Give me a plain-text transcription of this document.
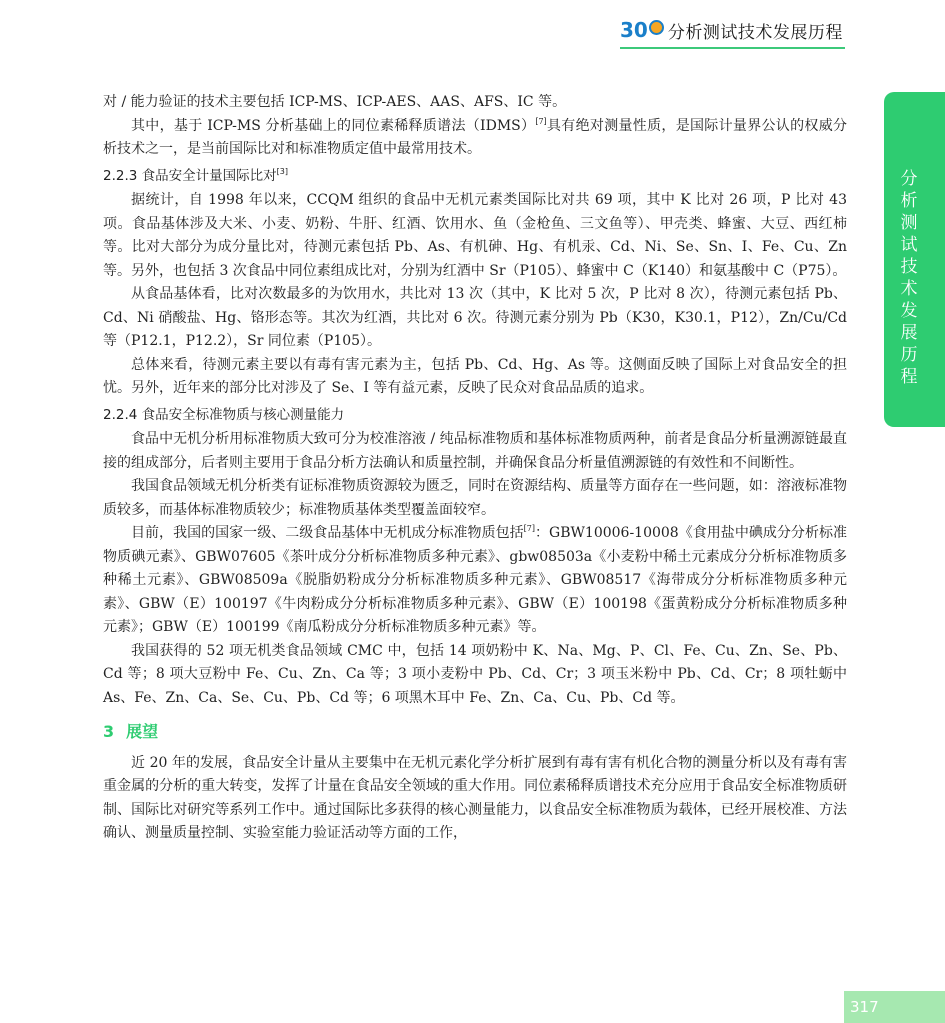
30 分析测试技术发展历程
分析测试技术发展历程

对 / 能力验证的技术主要包括 ICP-MS、ICP-AES、AAS、AFS、IC 等。

其中，基于 ICP-MS 分析基础上的同位素稀释质谱法（IDMS）[7]具有绝对测量性质，是国际计量界公认的权威分析技术之一，是当前国际比对和标准物质定值中最常用技术。

2.2.3 食品安全计量国际比对[3]

据统计，自 1998 年以来，CCQM 组织的食品中无机元素类国际比对共 69 项，其中 K 比对 26 项，P 比对 43 项。食品基体涉及大米、小麦、奶粉、牛肝、红酒、饮用水、鱼（金枪鱼、三文鱼等）、甲壳类、蜂蜜、大豆、西红柿等。比对大部分为成分量比对，待测元素包括 Pb、As、有机砷、Hg、有机汞、Cd、Ni、Se、Sn、I、Fe、Cu、Zn 等。另外，也包括 3 次食品中同位素组成比对，分别为红酒中 Sr（P105）、蜂蜜中 C（K140）和氨基酸中 C（P75）。

从食品基体看，比对次数最多的为饮用水，共比对 13 次（其中，K 比对 5 次，P 比对 8 次），待测元素包括 Pb、Cd、Ni 硝酸盐、Hg、铬形态等。其次为红酒，共比对 6 次。待测元素分别为 Pb（K30，K30.1，P12），Zn/Cu/Cd 等（P12.1，P12.2），Sr 同位素（P105）。

总体来看，待测元素主要以有毒有害元素为主，包括 Pb、Cd、Hg、As 等。这侧面反映了国际上对食品安全的担忧。另外，近年来的部分比对涉及了 Se、I 等有益元素，反映了民众对食品品质的追求。

2.2.4 食品安全标准物质与核心测量能力

食品中无机分析用标准物质大致可分为校准溶液 / 纯品标准物质和基体标准物质两种，前者是食品分析量溯源链最直接的组成部分，后者则主要用于食品分析方法确认和质量控制，并确保食品分析量值溯源链的有效性和不间断性。

我国食品领域无机分析类有证标准物质资源较为匮乏，同时在资源结构、质量等方面存在一些问题，如：溶液标准物质较多，而基体标准物质较少；标准物质基体类型覆盖面较窄。

目前，我国的国家一级、二级食品基体中无机成分标准物质包括[7]：GBW10006-10008《食用盐中碘成分分析标准物质碘元素》、GBW07605《茶叶成分分析标准物质多种元素》、gbw08503a《小麦粉中稀土元素成分分析标准物质多种稀土元素》、GBW08509a《脱脂奶粉成分分析标准物质多种元素》、GBW08517《海带成分分析标准物质多种元素》、GBW（E）100197《牛肉粉成分分析标准物质多种元素》、GBW（E）100198《蛋黄粉成分分析标准物质多种元素》；GBW（E）100199《南瓜粉成分分析标准物质多种元素》等。

我国获得的 52 项无机类食品领域 CMC 中，包括 14 项奶粉中 K、Na、Mg、P、Cl、Fe、Cu、Zn、Se、Pb、Cd 等；8 项大豆粉中 Fe、Cu、Zn、Ca 等；3 项小麦粉中 Pb、Cd、Cr；3 项玉米粉中 Pb、Cd、Cr；8 项牡蛎中 As、Fe、Zn、Ca、Se、Cu、Pb、Cd 等；6 项黑木耳中 Fe、Zn、Ca、Cu、Pb、Cd 等。

3 展望

近 20 年的发展，食品安全计量从主要集中在无机元素化学分析扩展到有毒有害有机化合物的测量分析以及有毒有害重金属的分析的重大转变，发挥了计量在食品安全领域的重大作用。同位素稀释质谱技术充分应用于食品安全标准物质研制、国际比对研究等系列工作中。通过国际比多获得的核心测量能力，以食品安全标准物质为载体，已经开展校准、方法确认、测量质量控制、实验室能力验证活动等方面的工作，

317
